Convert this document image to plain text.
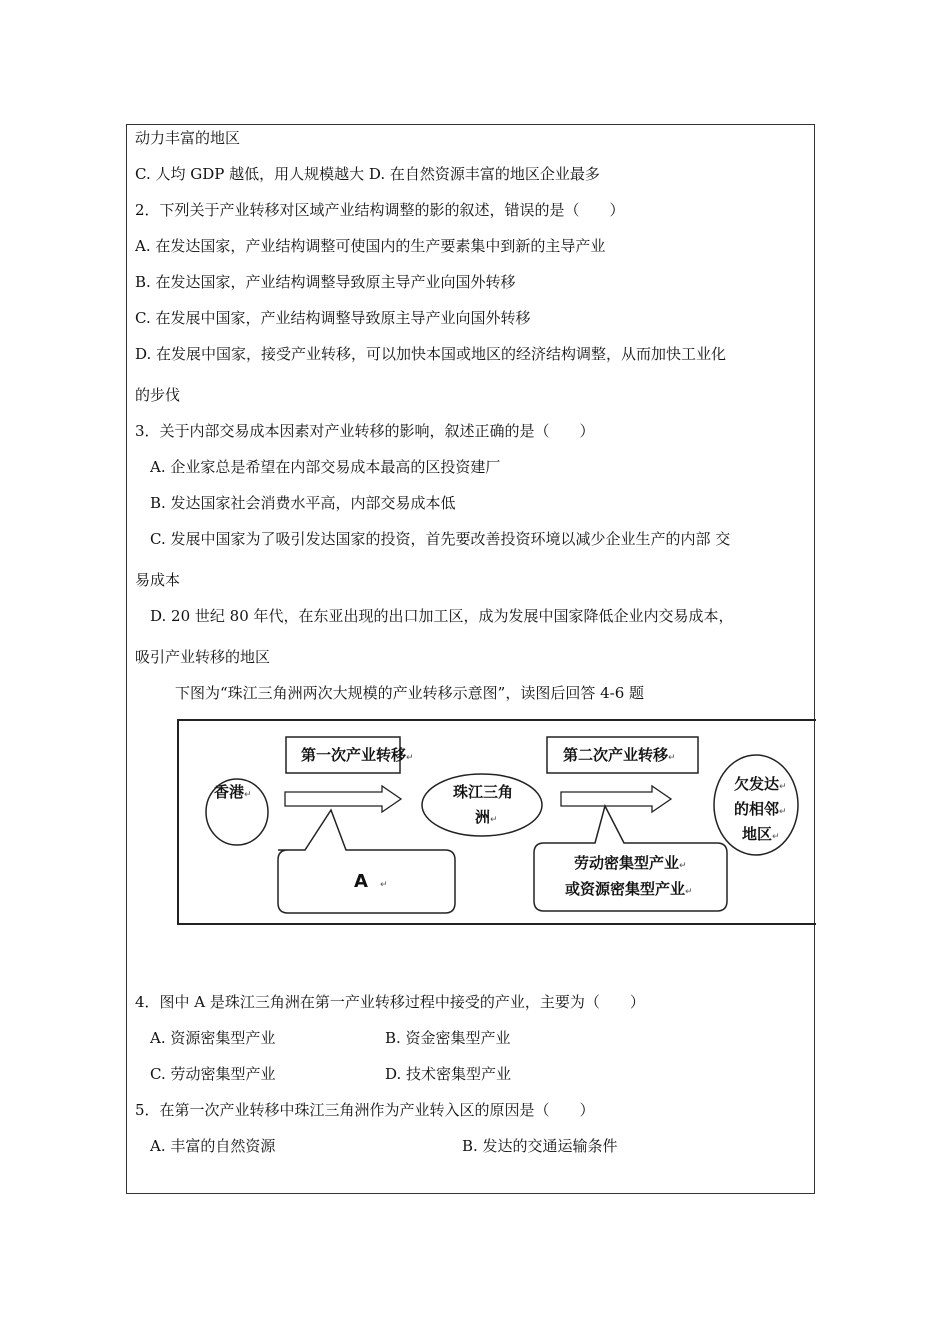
动力丰富的地区
C. 人均 GDP 越低，用人规模越大 D. 在自然资源丰富的地区企业最多
2．下列关于产业转移对区域产业结构调整的影的叙述，错误的是（　　）
A. 在发达国家，产业结构调整可使国内的生产要素集中到新的主导产业
B. 在发达国家，产业结构调整导致原主导产业向国外转移
C. 在发展中国家，产业结构调整导致原主导产业向国外转移
D. 在发展中国家，接受产业转移，可以加快本国或地区的经济结构调整，从而加快工业化
的步伐
3．关于内部交易成本因素对产业转移的影响，叙述正确的是（　　）
A. 企业家总是希望在内部交易成本最高的区投资建厂
B. 发达国家社会消费水平高，内部交易成本低
C. 发展中国家为了吸引发达国家的投资，首先要改善投资环境以减少企业生产的内部 交
易成本
D. 20 世纪 80 年代，在东亚出现的出口加工区，成为发展中国家降低企业内交易成本，
吸引产业转移的地区
下图为“珠江三角洲两次大规模的产业转移示意图”，读图后回答 4-6 题
香港↵
第一次产业转移↵
珠江三角
洲↵
第二次产业转移↵
欠发达↵
的相邻↵
地区↵
A ↵
劳动密集型产业↵
或资源密集型产业↵
4．图中 A 是珠江三角洲在第一产业转移过程中接受的产业，主要为（　　）
A. 资源密集型产业	B. 资金密集型产业
C. 劳动密集型产业	D. 技术密集型产业
5．在第一次产业转移中珠江三角洲作为产业转入区的原因是（　　）
A. 丰富的自然资源	B. 发达的交通运输条件
